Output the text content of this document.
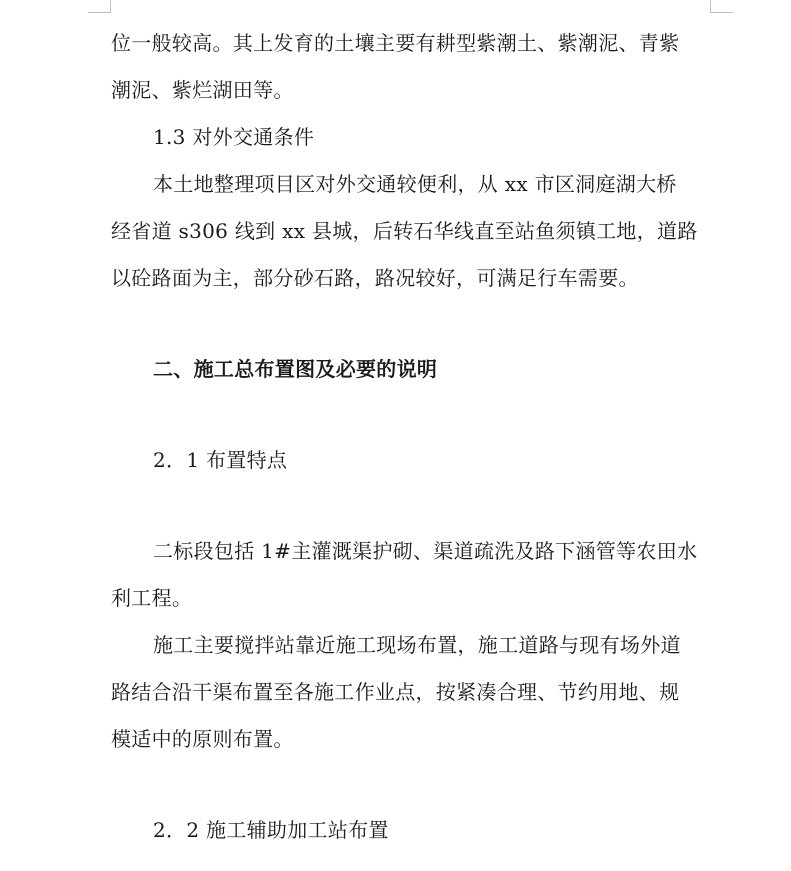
位一般较高。其上发育的土壤主要有耕型紫潮土、紫潮泥、青紫
潮泥、紫烂湖田等。
1.3 对外交通条件
本土地整理项目区对外交通较便利，从 xx 市区洞庭湖大桥
经省道 s306 线到 xx 县城，后转石华线直至站鱼须镇工地，道路
以砼路面为主，部分砂石路，路况较好，可满足行车需要。
二、施工总布置图及必要的说明
2．1 布置特点
二标段包括 1#主灌溉渠护砌、渠道疏洗及路下涵管等农田水
利工程。
施工主要搅拌站靠近施工现场布置，施工道路与现有场外道
路结合沿干渠布置至各施工作业点，按紧凑合理、节约用地、规
模适中的原则布置。
2．2 施工辅助加工站布置
